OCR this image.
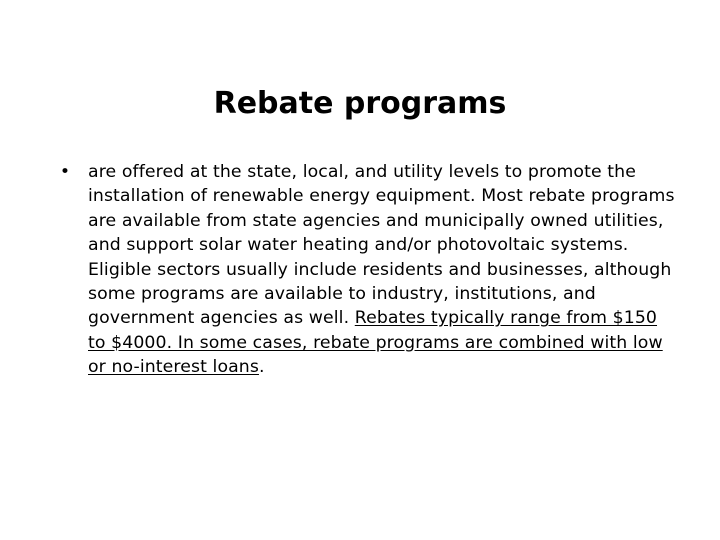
Rebate programs
• are offered at the state, local, and utility levels to promote the installation of renewable energy equipment. Most rebate programs are available from state agencies and municipally owned utilities, and support solar water heating and/or photovoltaic systems. Eligible sectors usually include residents and businesses, although some programs are available to industry, institutions, and government agencies as well. Rebates typically range from $150 to $4000. In some cases, rebate programs are combined with low or no-interest loans.
